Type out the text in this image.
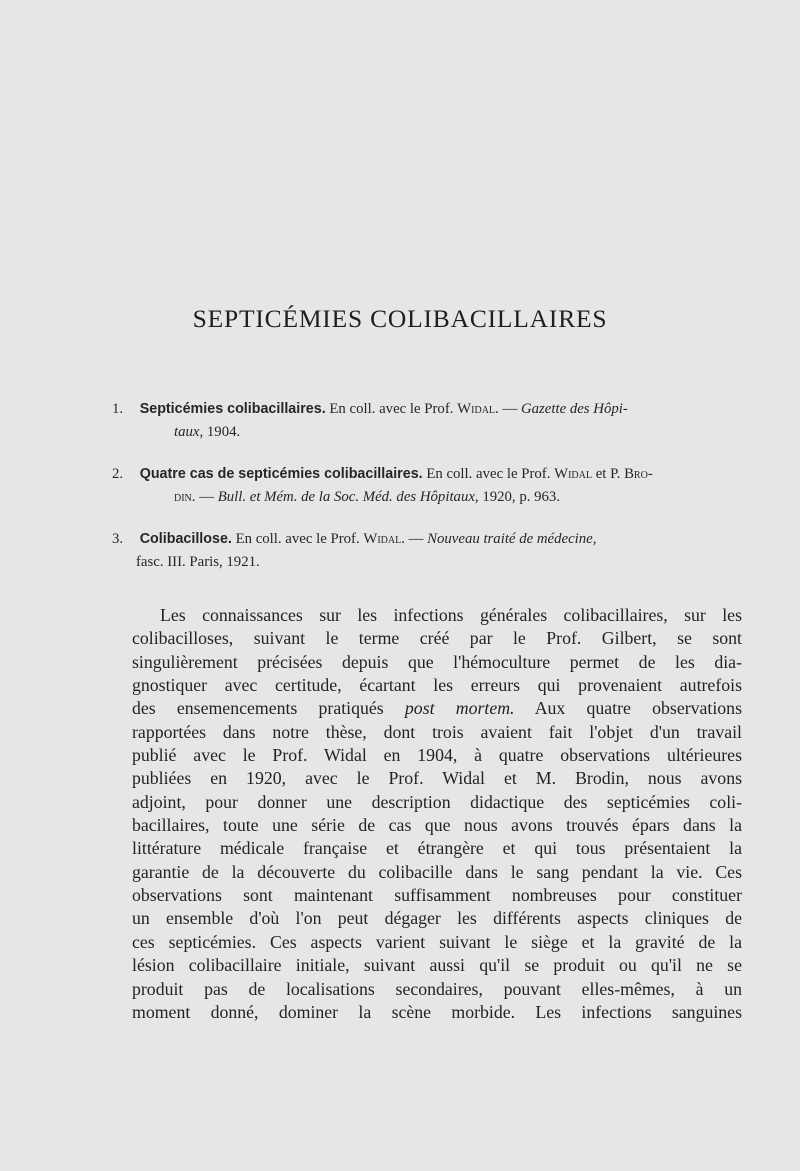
SEPTICÉMIES COLIBACILLAIRES
1. Septicémies colibacillaires. En coll. avec le Prof. Widal. — Gazette des Hôpi-
taux, 1904.
2. Quatre cas de septicémies colibacillaires. En coll. avec le Prof. Widal et P. Bro-
din. — Bull. et Mém. de la Soc. Méd. des Hôpitaux, 1920, p. 963.
3. Colibacillose. En coll. avec le Prof. Widal. — Nouveau traité de médecine,
fasc. III. Paris, 1921.
Les connaissances sur les infections générales colibacillaires, sur les
colibacilloses, suivant le terme créé par le Prof. Gilbert, se sont
singulièrement précisées depuis que l'hémoculture permet de les dia-
gnostiquer avec certitude, écartant les erreurs qui provenaient autrefois
des ensemencements pratiqués post mortem. Aux quatre observations
rapportées dans notre thèse, dont trois avaient fait l'objet d'un travail
publié avec le Prof. Widal en 1904, à quatre observations ultérieures
publiées en 1920, avec le Prof. Widal et M. Brodin, nous avons
adjoint, pour donner une description didactique des septicémies coli-
bacillaires, toute une série de cas que nous avons trouvés épars dans la
littérature médicale française et étrangère et qui tous présentaient la
garantie de la découverte du colibacille dans le sang pendant la vie. Ces
observations sont maintenant suffisamment nombreuses pour constituer
un ensemble d'où l'on peut dégager les différents aspects cliniques de
ces septicémies. Ces aspects varient suivant le siège et la gravité de la
lésion colibacillaire initiale, suivant aussi qu'il se produit ou qu'il ne se
produit pas de localisations secondaires, pouvant elles-mêmes, à un
moment donné, dominer la scène morbide. Les infections sanguines
